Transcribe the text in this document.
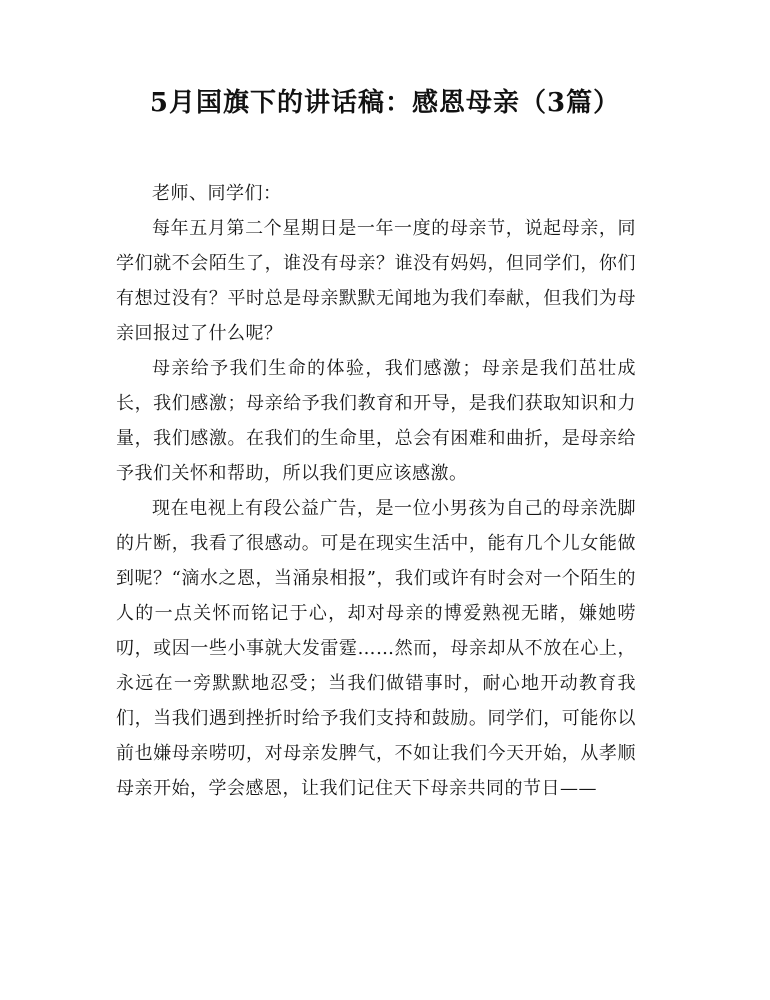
5月国旗下的讲话稿：感恩母亲（3篇）

老师、同学们：

每年五月第二个星期日是一年一度的母亲节，说起母亲，同学们就不会陌生了，谁没有母亲？谁没有妈妈，但同学们，你们有想过没有？平时总是母亲默默无闻地为我们奉献，但我们为母亲回报过了什么呢？

母亲给予我们生命的体验，我们感激；母亲是我们茁壮成长，我们感激；母亲给予我们教育和开导，是我们获取知识和力量，我们感激。在我们的生命里，总会有困难和曲折，是母亲给予我们关怀和帮助，所以我们更应该感激。

现在电视上有段公益广告，是一位小男孩为自己的母亲洗脚的片断，我看了很感动。可是在现实生活中，能有几个儿女能做到呢？“滴水之恩，当涌泉相报”，我们或许有时会对一个陌生的人的一点关怀而铭记于心，却对母亲的博爱熟视无睹，嫌她唠叨，或因一些小事就大发雷霆……然而，母亲却从不放在心上，永远在一旁默默地忍受；当我们做错事时，耐心地开动教育我们，当我们遇到挫折时给予我们支持和鼓励。同学们，可能你以前也嫌母亲唠叨，对母亲发脾气，不如让我们今天开始，从孝顺母亲开始，学会感恩，让我们记住天下母亲共同的节日——
